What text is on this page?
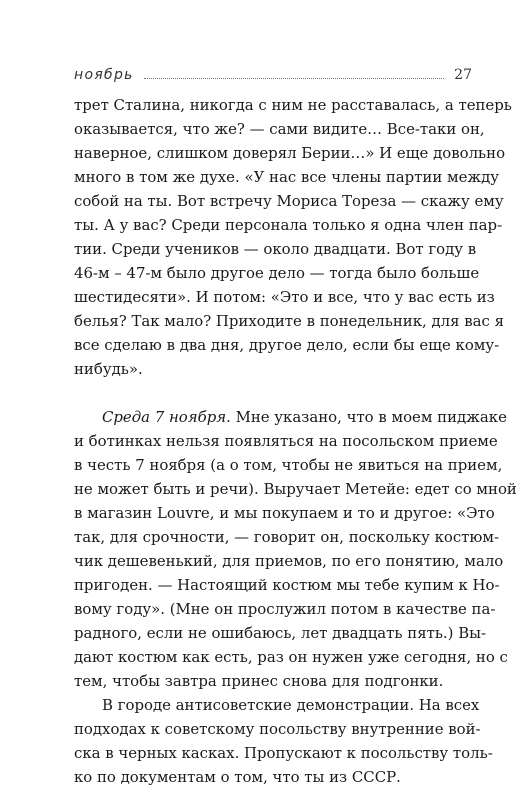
ноябрь	27
трет Сталина, никогда с ним не расставалась, а теперь
оказывается, что же? — сами видите… Все-таки он,
наверное, слишком доверял Берии…» И еще довольно
много в том же духе. «У нас все члены партии между
собой на ты. Вот встречу Мориса Тореза — скажу ему
ты. А у вас? Среди персонала только я одна член пар-
тии. Среди учеников — около двадцати. Вот году в
46-м – 47-м было другое дело — тогда было больше
шестидесяти». И потом: «Это и все, что у вас есть из
белья? Так мало? Приходите в понедельник, для вас я
все сделаю в два дня, другое дело, если бы еще кому-
нибудь».
Среда 7 ноября. Мне указано, что в моем пиджаке
и ботинках нельзя появляться на посольском приеме
в честь 7 ноября (а о том, чтобы не явиться на прием,
не может быть и речи). Выручает Метейе: едет со мной
в магазин Louvre, и мы покупаем и то и другое: «Это
так, для срочности, — говорит он, поскольку костюм-
чик дешевенький, для приемов, по его понятию, мало
пригоден. — Настоящий костюм мы тебе купим к Но-
вому году». (Мне он прослужил потом в качестве па-
радного, если не ошибаюсь, лет двадцать пять.) Вы-
дают костюм как есть, раз он нужен уже сегодня, но с
тем, чтобы завтра принес снова для подгонки.
В городе антисоветские демонстрации. На всех
подходах к советскому посольству внутренние вой-
ска в черных касках. Пропускают к посольству толь-
ко по документам о том, что ты из СССР.
